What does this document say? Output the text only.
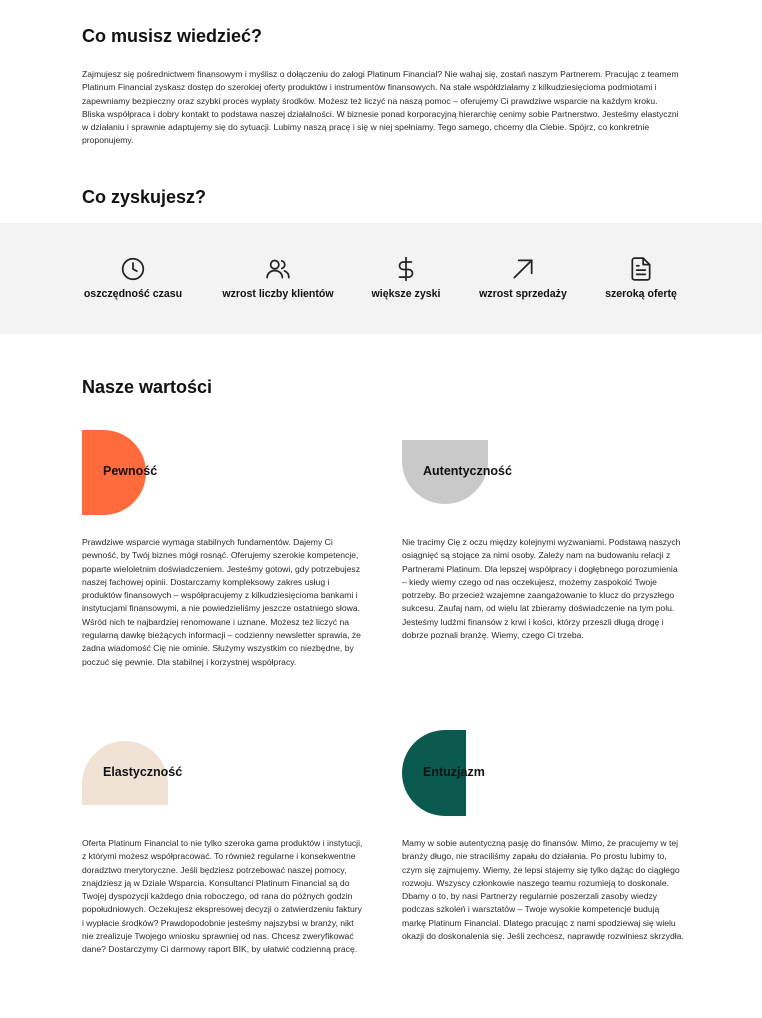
Co musisz wiedzieć?

Zajmujesz się pośrednictwem finansowym i myślisz o dołączeniu do załogi Platinum Financial? Nie wahaj się, zostań naszym Partnerem. Pracując z teamem Platinum Financial zyskasz dostęp do szerokiej oferty produktów i instrumentów finansowych. Na stałe współdziałamy z kilkudziesięcioma podmiotami i zapewniamy bezpieczny oraz szybki proces wypłaty środków. Możesz też liczyć na naszą pomoc – oferujemy Ci prawdziwe wsparcie na każdym kroku. Bliska współpraca i dobry kontakt to podstawa naszej działalności. W biznesie ponad korporacyjną hierarchię cenimy sobie Partnerstwo. Jesteśmy elastyczni w działaniu i sprawnie adaptujemy się do sytuacji. Lubimy naszą pracę i się w niej spełniamy. Tego samego, chcemy dla Ciebie. Spójrz, co konkretnie proponujemy.

Co zyskujesz?
oszczędność czasu	wzrost liczby klientów	większe zyski	wzrost sprzedaży	szeroką ofertę
Nasze wartości
Pewność

Prawdziwe wsparcie wymaga stabilnych fundamentów. Dajemy Ci pewność, by Twój biznes mógł rosnąć. Oferujemy szerokie kompetencje, poparte wieloletnim doświadczeniem. Jesteśmy gotowi, gdy potrzebujesz naszej fachowej opinii. Dostarczamy kompleksowy zakres usług i produktów finansowych – współpracujemy z kilkudziesięcioma bankami i instytucjami finansowymi, a nie powiedzieliśmy jeszcze ostatniego słowa. Wśród nich te najbardziej renomowane i uznane. Możesz też liczyć na regularną dawkę bieżących informacji – codzienny newsletter sprawia, że żadna wiadomość Cię nie ominie. Służymy wszystkim co niezbędne, by poczuć się pewnie. Dla stabilnej i korzystnej współpracy.

Autentyczność

Nie tracimy Cię z oczu między kolejnymi wyzwaniami. Podstawą naszych osiągnięć są stojące za nimi osoby. Zależy nam na budowaniu relacji z Partnerami Platinum. Dla lepszej współpracy i dogłębnego porozumienia – kiedy wiemy czego od nas oczekujesz, możemy zaspokoić Twoje potrzeby. Bo przecież wzajemne zaangażowanie to klucz do przyszłego sukcesu. Zaufaj nam, od wielu lat zbieramy doświadczenie na tym polu. Jesteśmy ludźmi finansów z krwi i kości, którzy przeszli długą drogę i dobrze poznali branżę. Wiemy, czego Ci trzeba.

Elastyczność

Oferta Platinum Financial to nie tylko szeroka gama produktów i instytucji, z którymi możesz współpracować. To również regularne i konsekwentne doradztwo merytoryczne. Jeśli będziesz potrzebować naszej pomocy, znajdziesz ją w Dziale Wsparcia. Konsultanci Platinum Financial są do Twojej dyspozycji każdego dnia roboczego, od rana do późnych godzin popołudniowych. Oczekujesz ekspresowej decyzji o zatwierdzeniu faktury i wypłacie środków? Prawdopodobnie jesteśmy najszybsi w branży, nikt nie zrealizuje Twojego wniosku sprawniej od nas. Chcesz zweryfikować dane? Dostarczymy Ci darmowy raport BIK, by ułatwić codzienną pracę.

Entuzjazm

Mamy w sobie autentyczną pasję do finansów. Mimo, że pracujemy w tej branży długo, nie straciliśmy zapału do działania. Po prostu lubimy to, czym się zajmujemy. Wiemy, że lepsi stajemy się tylko dążąc do ciągłego rozwoju. Wszyscy członkowie naszego teamu rozumieją to doskonale. Dbamy o to, by nasi Partnerzy regularnie poszerzali zasoby wiedzy podczas szkoleń i warsztatów – Twoje wysokie kompetencje budują markę Platinum Financial. Dlatego pracując z nami spodziewaj się wielu okazji do doskonalenia się. Jeśli zechcesz, naprawdę rozwiniesz skrzydła.
